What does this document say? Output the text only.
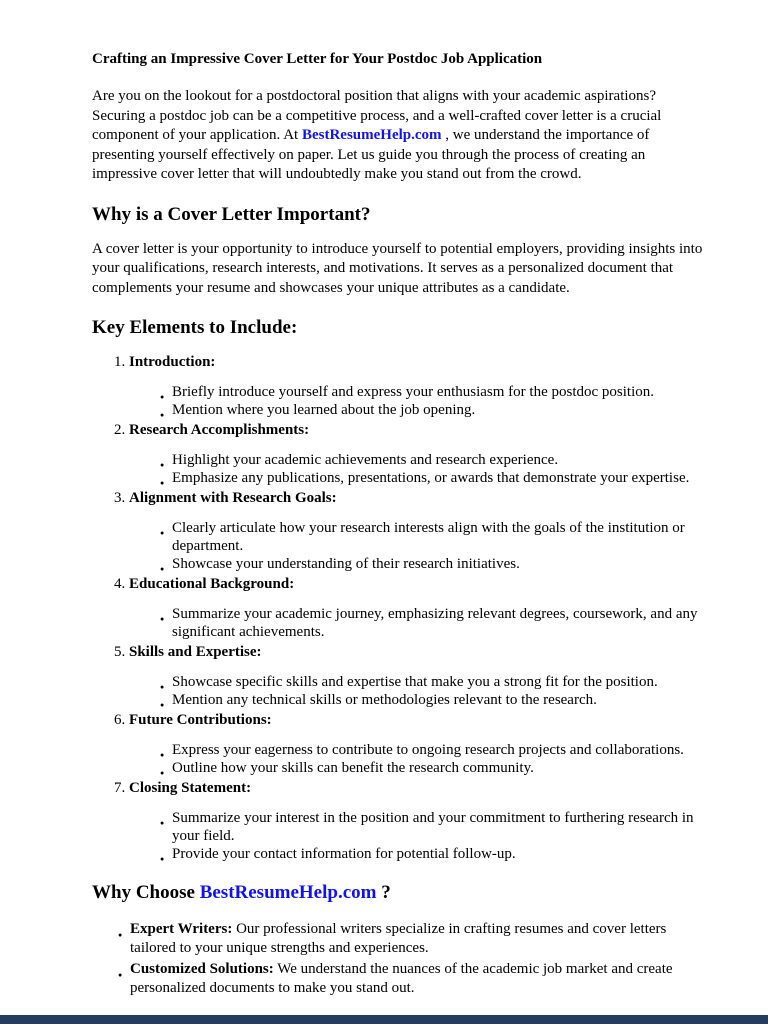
Crafting an Impressive Cover Letter for Your Postdoc Job Application

Are you on the lookout for a postdoctoral position that aligns with your academic aspirations? Securing a postdoc job can be a competitive process, and a well-crafted cover letter is a crucial component of your application. At BestResumeHelp.com , we understand the importance of presenting yourself effectively on paper. Let us guide you through the process of creating an impressive cover letter that will undoubtedly make you stand out from the crowd.

Why is a Cover Letter Important?

A cover letter is your opportunity to introduce yourself to potential employers, providing insights into your qualifications, research interests, and motivations. It serves as a personalized document that complements your resume and showcases your unique attributes as a candidate.

Key Elements to Include:
1. Introduction:
● Briefly introduce yourself and express your enthusiasm for the postdoc position.
● Mention where you learned about the job opening.
2. Research Accomplishments:
● Highlight your academic achievements and research experience.
● Emphasize any publications, presentations, or awards that demonstrate your expertise.
3. Alignment with Research Goals:
● Clearly articulate how your research interests align with the goals of the institution or department.
● Showcase your understanding of their research initiatives.
4. Educational Background:
● Summarize your academic journey, emphasizing relevant degrees, coursework, and any significant achievements.
5. Skills and Expertise:
● Showcase specific skills and expertise that make you a strong fit for the position.
● Mention any technical skills or methodologies relevant to the research.
6. Future Contributions:
● Express your eagerness to contribute to ongoing research projects and collaborations.
● Outline how your skills can benefit the research community.
7. Closing Statement:
● Summarize your interest in the position and your commitment to furthering research in your field.
● Provide your contact information for potential follow-up.
Why Choose BestResumeHelp.com ?
● Expert Writers: Our professional writers specialize in crafting resumes and cover letters tailored to your unique strengths and experiences.
● Customized Solutions: We understand the nuances of the academic job market and create personalized documents to make you stand out.
